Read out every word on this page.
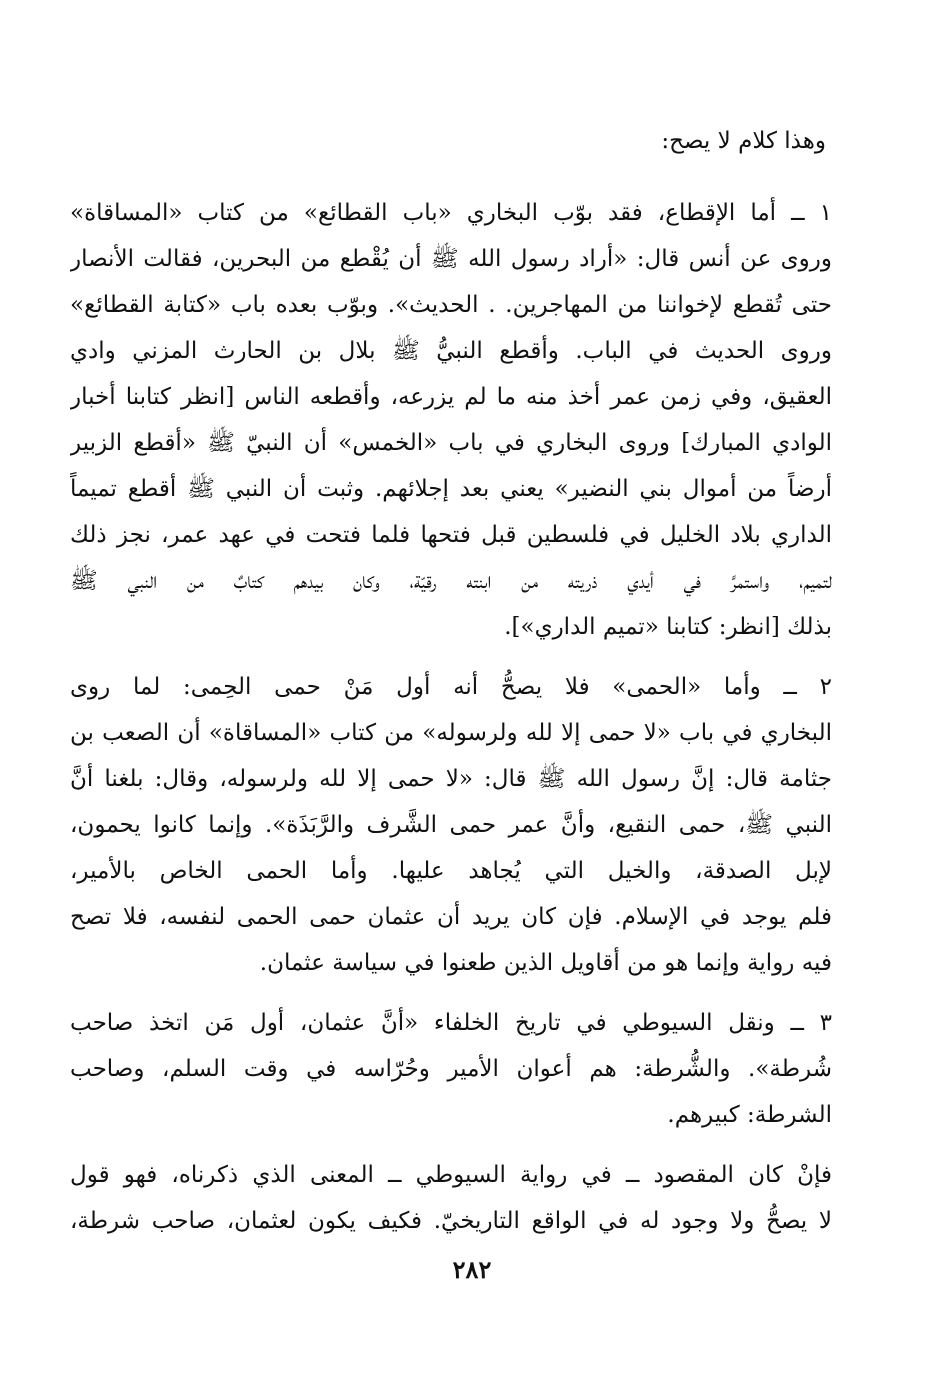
وهذا كلام لا يصح:

١ ــ أما الإقطاع، فقد بوّب البخاري «باب القطائع» من كتاب «المساقاة»
وروى عن أنس قال: «أراد رسول الله ﷺ أن يُقْطع من البحرين، فقالت الأنصار
حتى تُقطع لإخواننا من المهاجرين. . الحديث». وبوّب بعده باب «كتابة القطائع»
وروى الحديث في الباب. وأقطع النبيُّ ﷺ بلال بن الحارث المزني وادي
العقيق، وفي زمن عمر أخذ منه ما لم يزرعه، وأقطعه الناس [انظر كتابنا أخبار
الوادي المبارك] وروى البخاري في باب «الخمس» أن النبيّ ﷺ «أقطع الزبير
أرضاً من أموال بني النضير» يعني بعد إجلائهم. وثبت أن النبي ﷺ أقطع تميماً
الداري بلاد الخليل في فلسطين قبل فتحها فلما فتحت في عهد عمر، نجز ذلك
لتميم، واستمرَّ في أيدي ذريته من ابنته رقيّة، وكان بيدهم كتابٌ من النبي ﷺ
بذلك [انظر: كتابنا «تميم الداري»].

٢ ــ وأما «الحمى» فلا يصحُّ أنه أول مَنْ حمى الحِمى: لما روى
البخاري في باب «لا حمى إلا لله ولرسوله» من كتاب «المساقاة» أن الصعب بن
جثامة قال: إنَّ رسول الله ﷺ قال: «لا حمى إلا لله ولرسوله، وقال: بلغنا أنَّ
النبي ﷺ، حمى النقيع، وأنَّ عمر حمى الشَّرف والرَّبَذَة». وإنما كانوا يحمون،
لإبل الصدقة، والخيل التي يُجاهد عليها. وأما الحمى الخاص بالأمير،
فلم يوجد في الإسلام. فإن كان يريد أن عثمان حمى الحمى لنفسه، فلا تصح
فيه رواية وإنما هو من أقاويل الذين طعنوا في سياسة عثمان.

٣ ــ ونقل السيوطي في تاريخ الخلفاء «أنَّ عثمان، أول مَن اتخذ صاحب
شُرطة». والشُّرطة: هم أعوان الأمير وحُرّاسه في وقت السلم، وصاحب
الشرطة: كبيرهم.

فإنْ كان المقصود ــ في رواية السيوطي ــ المعنى الذي ذكرناه، فهو قول
لا يصحُّ ولا وجود له في الواقع التاريخيّ. فكيف يكون لعثمان، صاحب شرطة،

٢٨٢
